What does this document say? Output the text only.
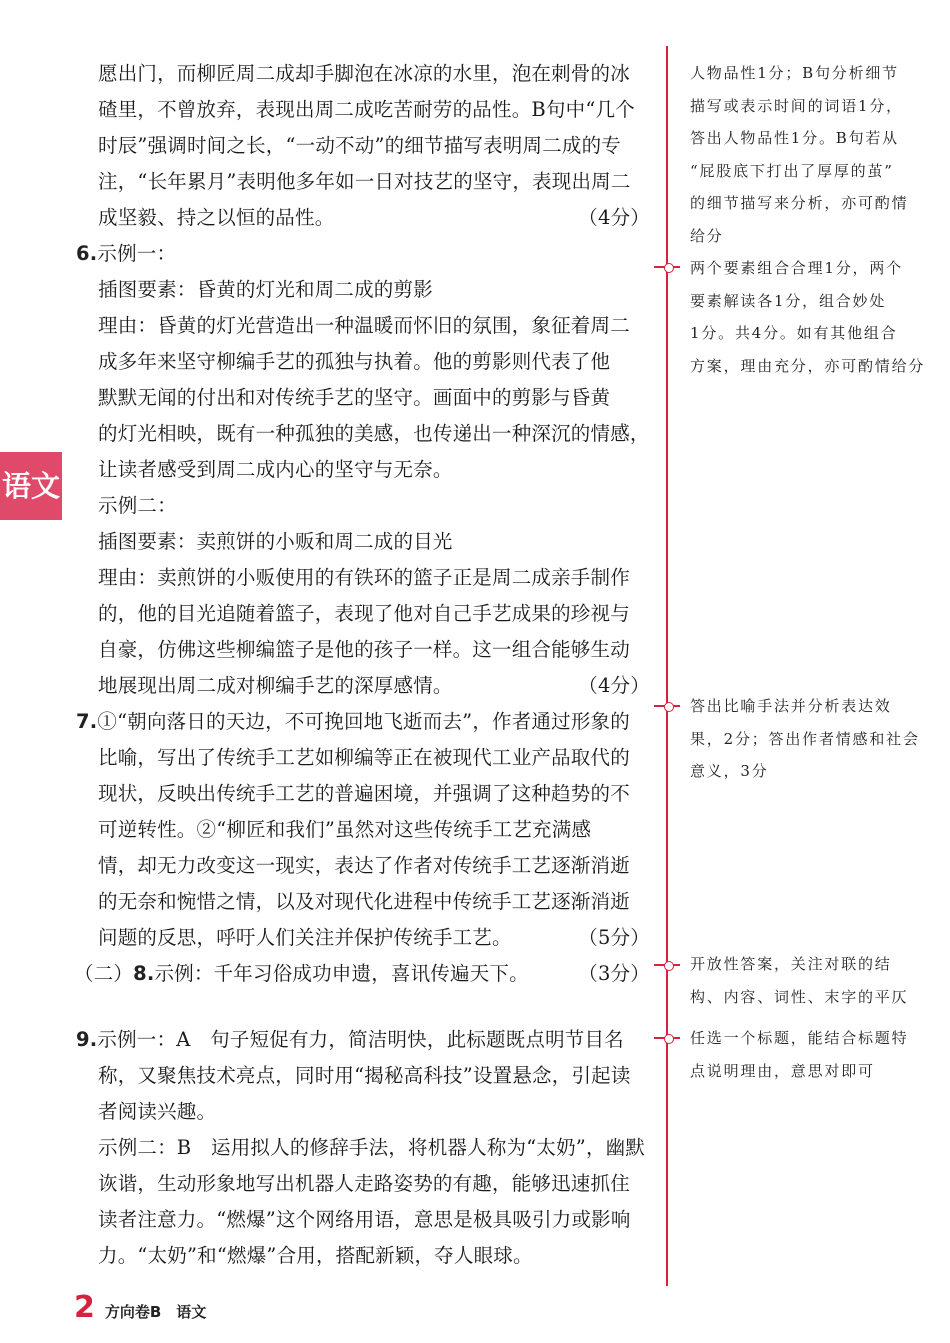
语文
愿出门，而柳匠周二成却手脚泡在冰凉的水里，泡在刺骨的冰
碴里，不曾放弃，表现出周二成吃苦耐劳的品性。B句中“几个
时辰”强调时间之长，“一动不动”的细节描写表明周二成的专
注，“长年累月”表明他多年如一日对技艺的坚守，表现出周二
成坚毅、持之以恒的品性。	（4分）
6.示例一：
插图要素：昏黄的灯光和周二成的剪影
理由：昏黄的灯光营造出一种温暖而怀旧的氛围，象征着周二
成多年来坚守柳编手艺的孤独与执着。他的剪影则代表了他
默默无闻的付出和对传统手艺的坚守。画面中的剪影与昏黄
的灯光相映，既有一种孤独的美感，也传递出一种深沉的情感，
让读者感受到周二成内心的坚守与无奈。
示例二：
插图要素：卖煎饼的小贩和周二成的目光
理由：卖煎饼的小贩使用的有铁环的篮子正是周二成亲手制作
的，他的目光追随着篮子，表现了他对自己手艺成果的珍视与
自豪，仿佛这些柳编篮子是他的孩子一样。这一组合能够生动
地展现出周二成对柳编手艺的深厚感情。	（4分）
7.①“朝向落日的天边，不可挽回地飞逝而去”，作者通过形象的
比喻，写出了传统手工艺如柳编等正在被现代工业产品取代的
现状，反映出传统手工艺的普遍困境，并强调了这种趋势的不
可逆转性。②“柳匠和我们”虽然对这些传统手工艺充满感
情，却无力改变这一现实，表达了作者对传统手工艺逐渐消逝
的无奈和惋惜之情，以及对现代化进程中传统手工艺逐渐消逝
问题的反思，呼吁人们关注并保护传统手工艺。	（5分）
（二）8.示例：千年习俗成功申遗，喜讯传遍天下。	（3分）
9.示例一：A　句子短促有力，简洁明快，此标题既点明节目名
称，又聚焦技术亮点，同时用“揭秘高科技”设置悬念，引起读
者阅读兴趣。
示例二：B　运用拟人的修辞手法，将机器人称为“太奶”，幽默
诙谐，生动形象地写出机器人走路姿势的有趣，能够迅速抓住
读者注意力。“燃爆”这个网络用语，意思是极具吸引力或影响
力。“太奶”和“燃爆”合用，搭配新颖，夺人眼球。
人物品性1分；B句分析细节
描写或表示时间的词语1分，
答出人物品性1分。B句若从
“屁股底下打出了厚厚的茧”
的细节描写来分析，亦可酌情
给分
两个要素组合合理1分，两个
要素解读各1分，组合妙处
1分。共4分。如有其他组合
方案，理由充分，亦可酌情给分
答出比喻手法并分析表达效
果，2分；答出作者情感和社会
意义，3分
开放性答案，关注对联的结
构、内容、词性、末字的平仄
任选一个标题，能结合标题特
点说明理由，意思对即可
2 方向卷B　语文
